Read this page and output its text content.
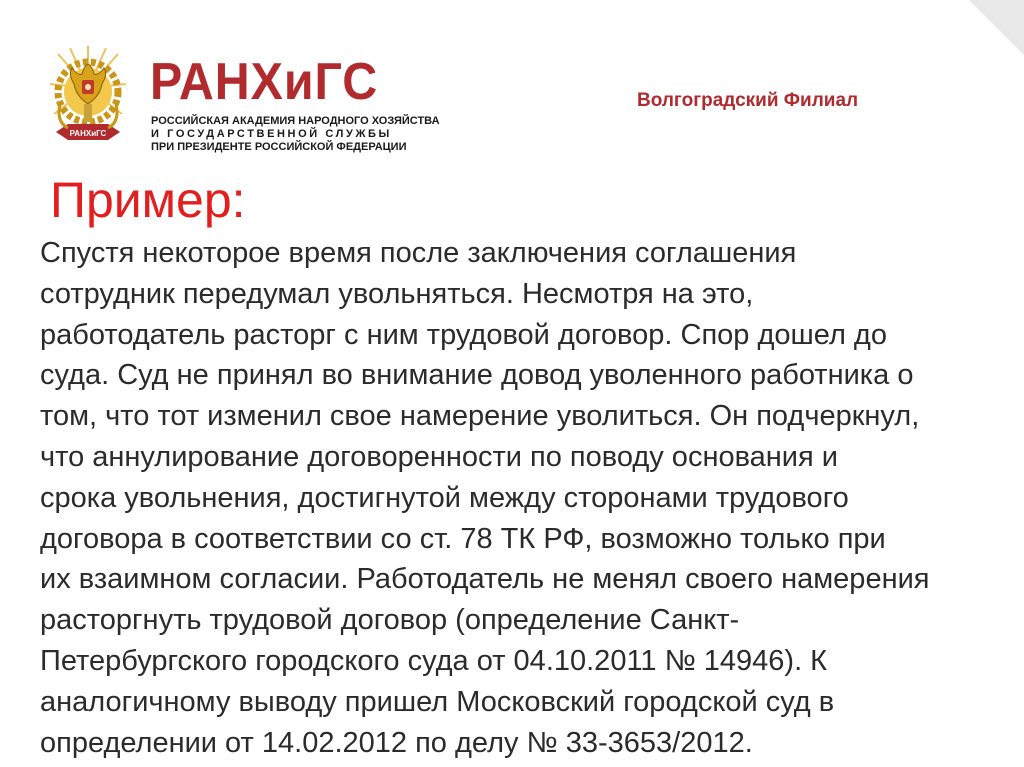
РАНХиГС
РАНХиГС
РОССИЙСКАЯ АКАДЕМИЯ НАРОДНОГО ХОЗЯЙСТВА
И ГОСУДАРСТВЕННОЙ СЛУЖБЫ
ПРИ ПРЕЗИДЕНТЕ РОССИЙСКОЙ ФЕДЕРАЦИИ
Волгоградский Филиал
Пример:
Спустя некоторое время после заключения соглашения
сотрудник передумал увольняться. Несмотря на это,
работодатель расторг с ним трудовой договор. Спор дошел до
суда. Суд не принял во внимание довод уволенного работника о
том, что тот изменил свое намерение уволиться. Он подчеркнул,
что аннулирование договоренности по поводу основания и
срока увольнения, достигнутой между сторонами трудового
договора в соответствии со ст. 78 ТК РФ, возможно только при
их взаимном согласии. Работодатель не менял своего намерения
расторгнуть трудовой договор (определение Санкт-
Петербургского городского суда от 04.10.2011 № 14946). К
аналогичному выводу пришел Московский городской суд в
определении от 14.02.2012 по делу № 33-3653/2012.
